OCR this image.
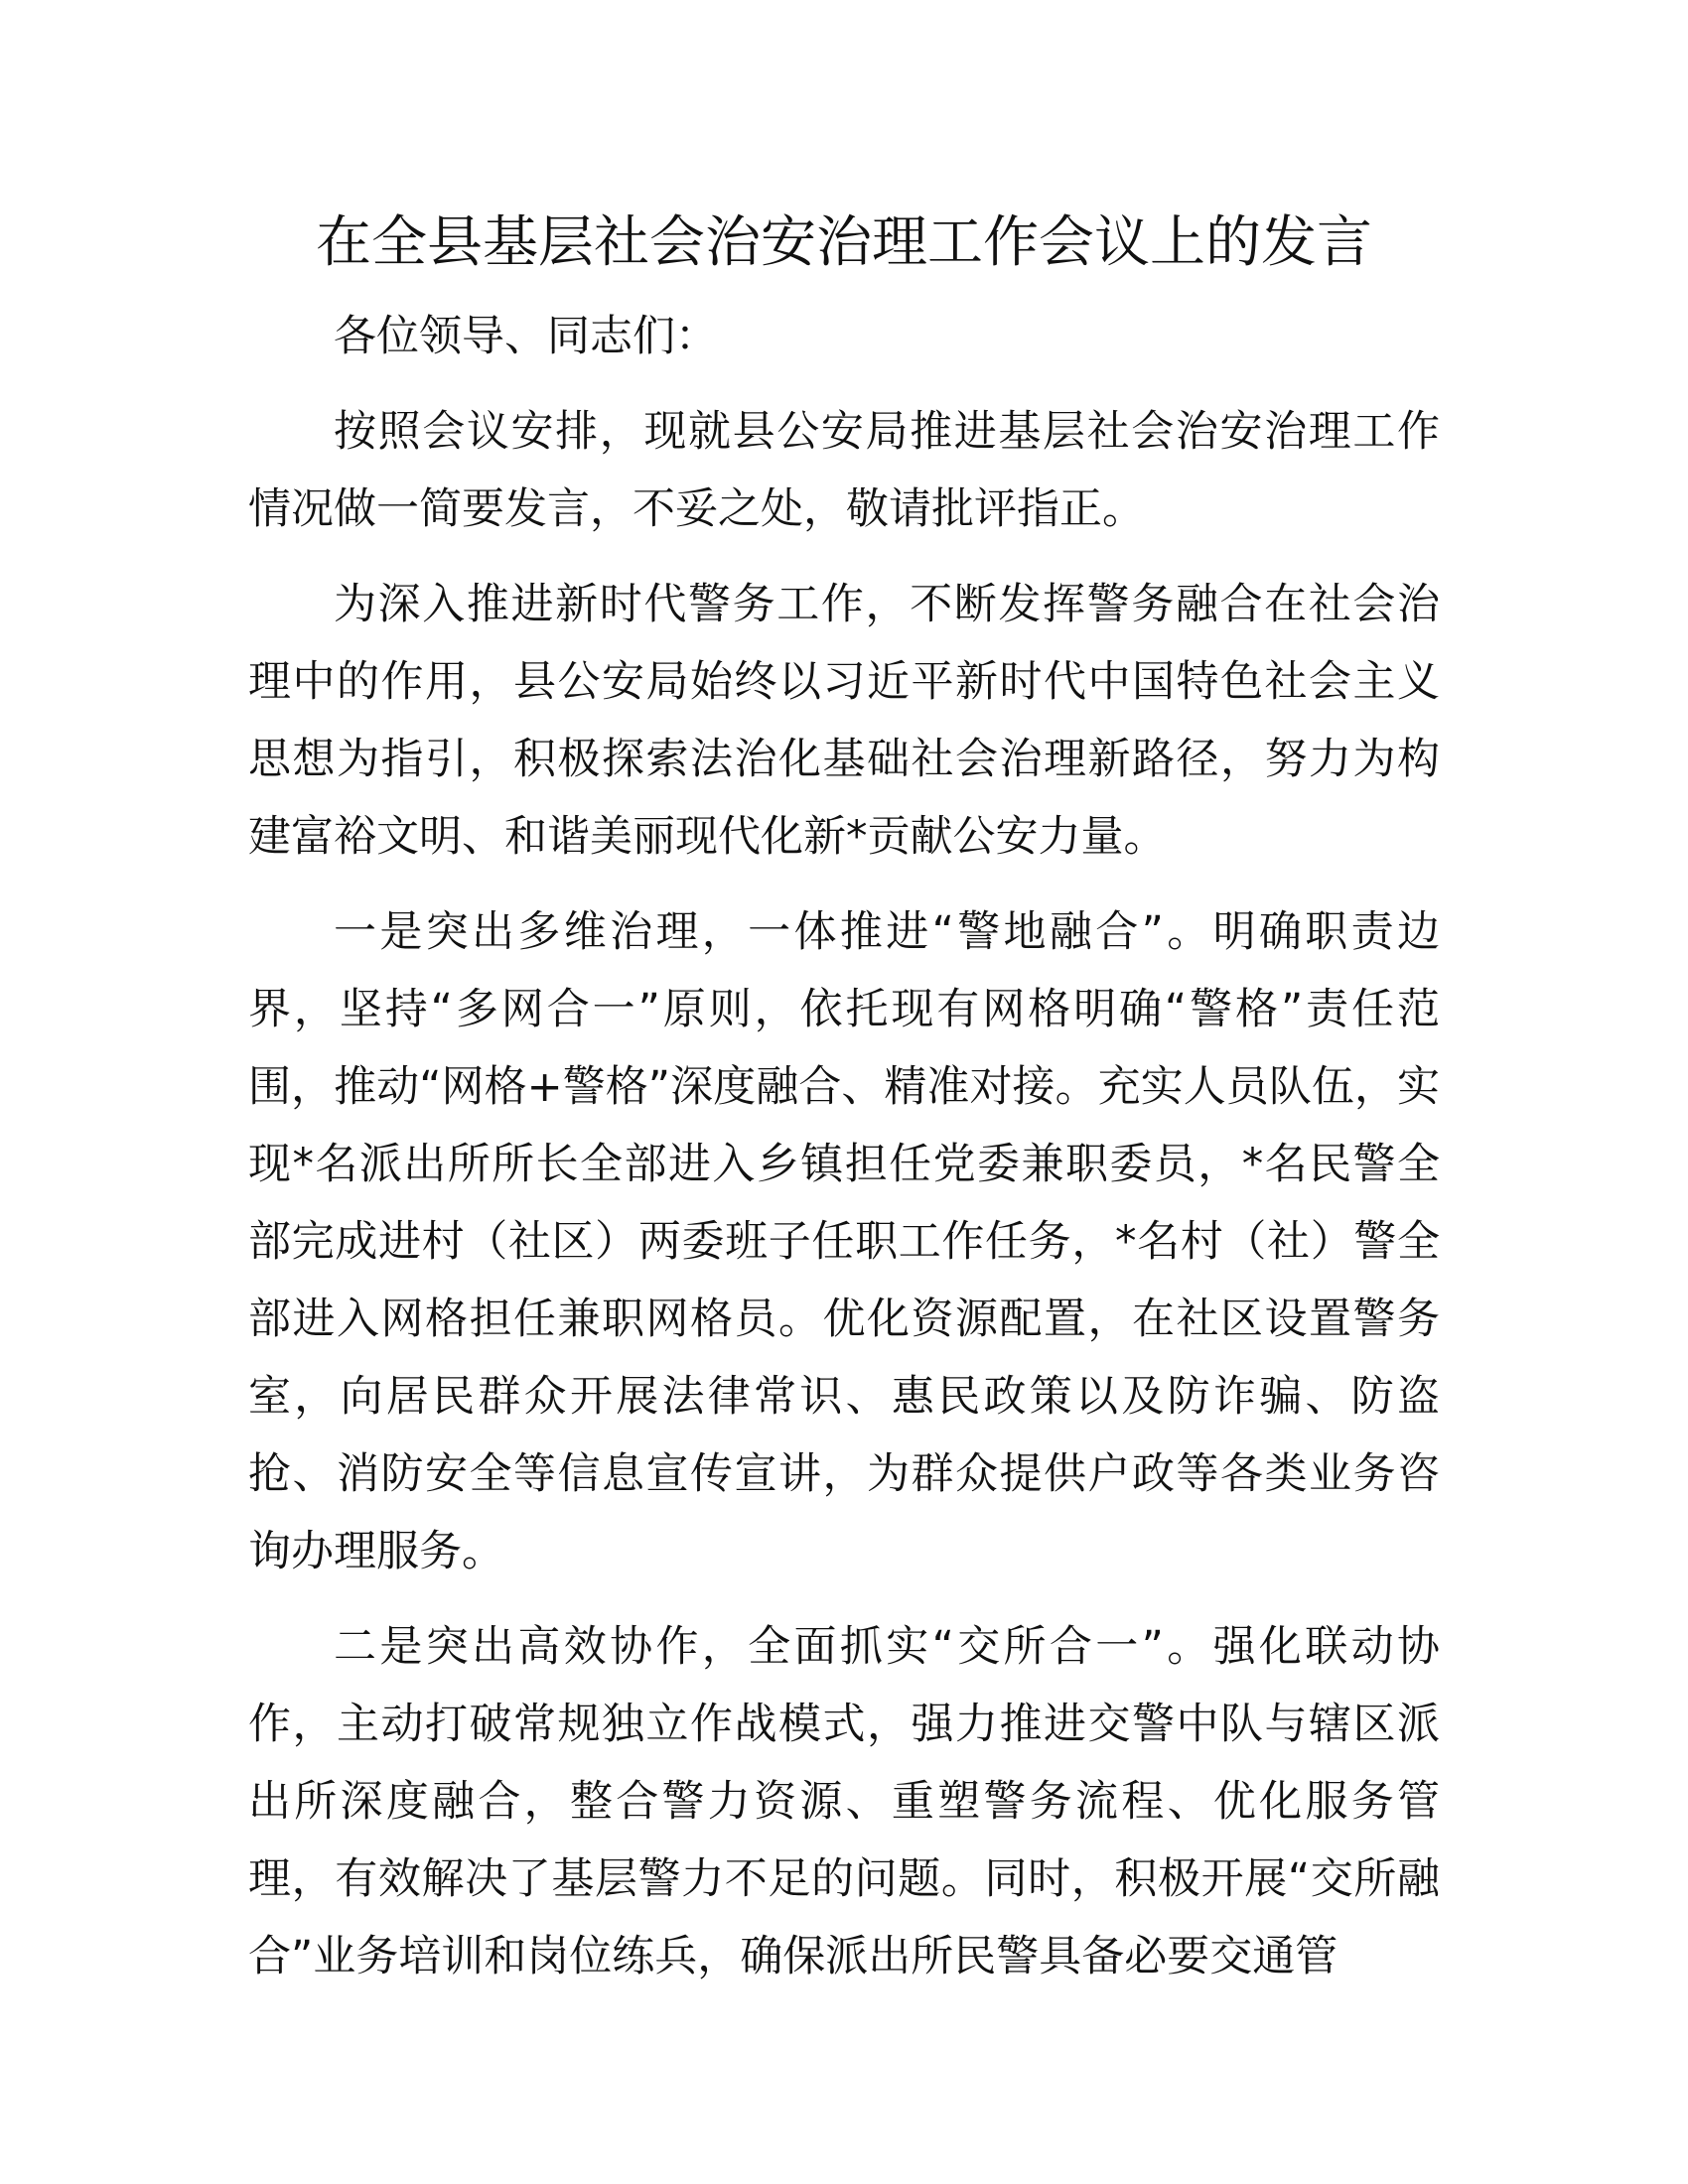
在全县基层社会治安治理工作会议上的发言

各位领导、同志们：

按照会议安排，现就县公安局推进基层社会治安治理工作情况做一简要发言，不妥之处，敬请批评指正。

为深入推进新时代警务工作，不断发挥警务融合在社会治理中的作用，县公安局始终以习近平新时代中国特色社会主义思想为指引，积极探索法治化基础社会治理新路径，努力为构建富裕文明、和谐美丽现代化新*贡献公安力量。

一是突出多维治理，一体推进“警地融合”。明确职责边界，坚持“多网合一”原则，依托现有网格明确“警格”责任范围，推动“网格+警格”深度融合、精准对接。充实人员队伍，实现*名派出所所长全部进入乡镇担任党委兼职委员，*名民警全部完成进村（社区）两委班子任职工作任务，*名村（社）警全部进入网格担任兼职网格员。优化资源配置，在社区设置警务室，向居民群众开展法律常识、惠民政策以及防诈骗、防盗抢、消防安全等信息宣传宣讲，为群众提供户政等各类业务咨询办理服务。

二是突出高效协作，全面抓实“交所合一”。强化联动协作，主动打破常规独立作战模式，强力推进交警中队与辖区派出所深度融合，整合警力资源、重塑警务流程、优化服务管理，有效解决了基层警力不足的问题。同时，积极开展“交所融合”业务培训和岗位练兵，确保派出所民警具备必要交通管
